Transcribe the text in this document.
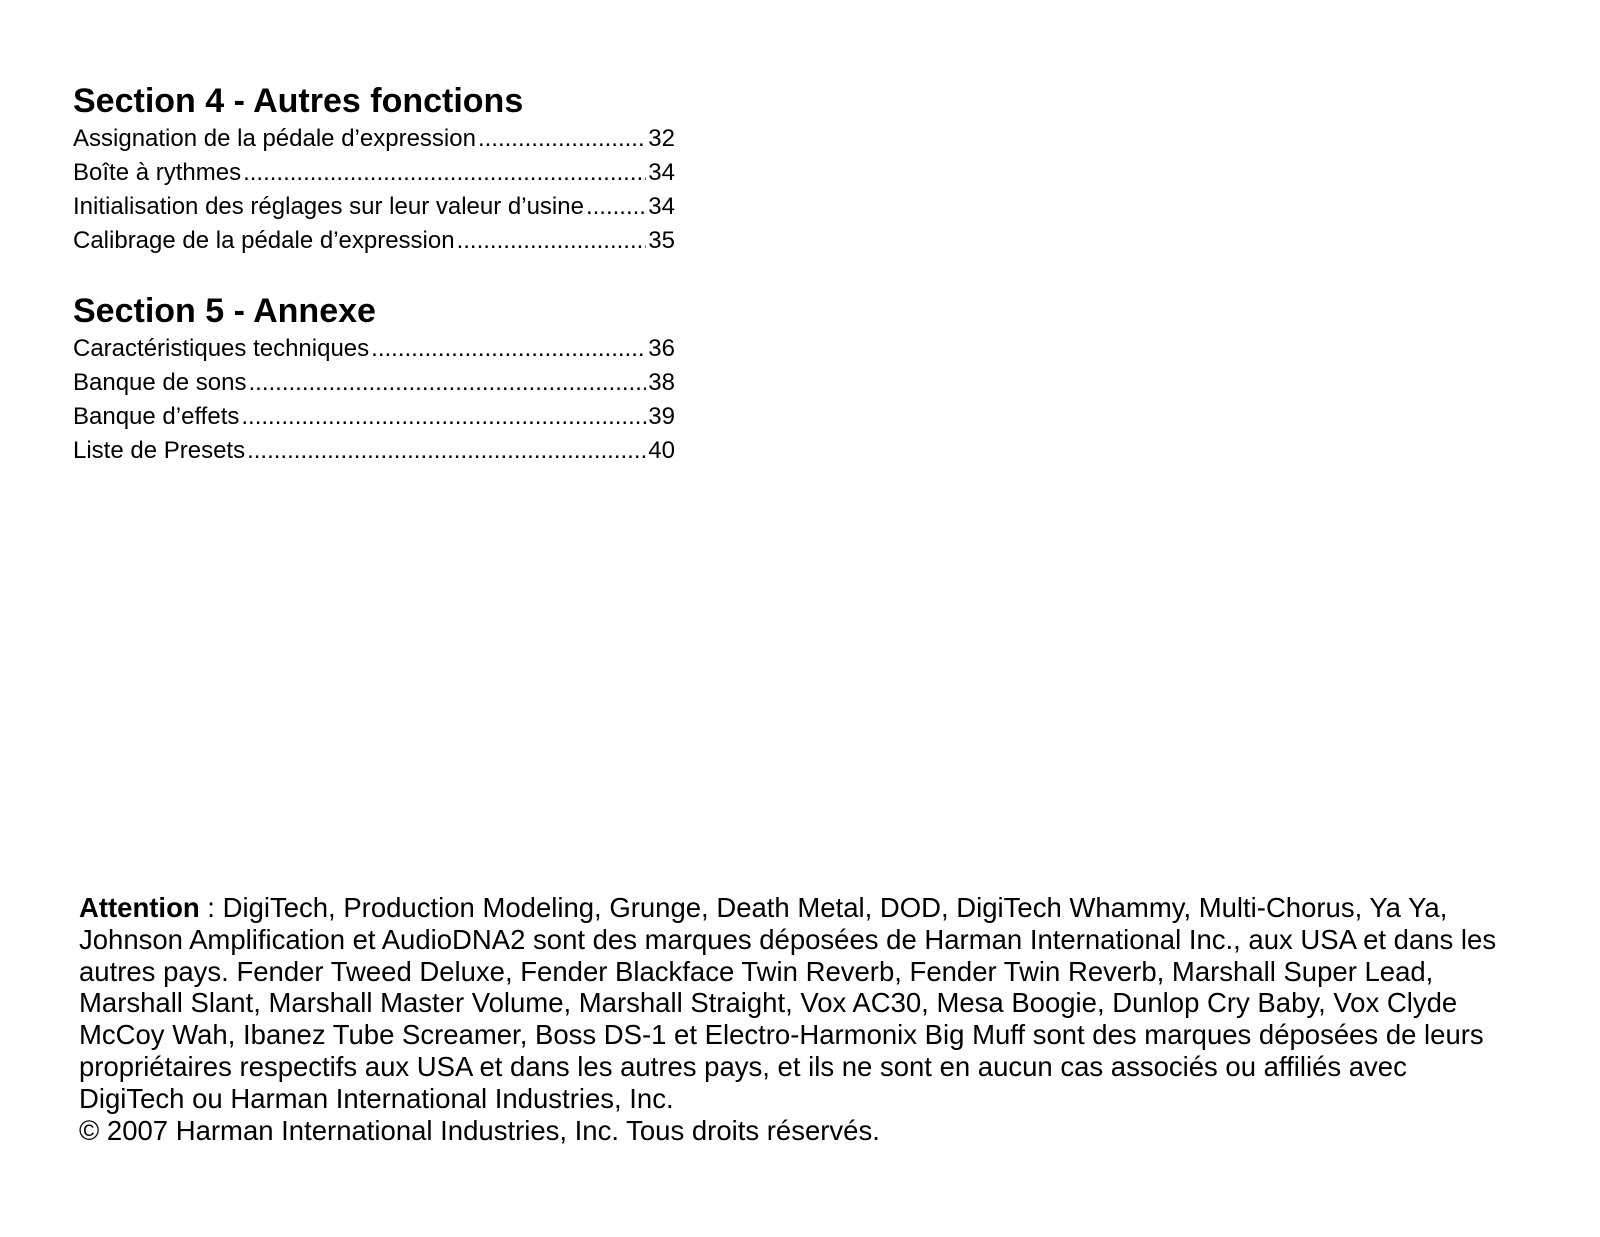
Section 4 - Autres fonctions
Assignation de la pédale d’expression .....	32
Boîte à rythmes .....	34
Initialisation des réglages sur leur valeur d’usine .....	34
Calibrage de la pédale d’expression .....	35
Section 5 - Annexe
Caractéristiques techniques .....	36
Banque de sons .....	38
Banque d’effets .....	39
Liste de Presets .....	40

Attention : DigiTech, Production Modeling, Grunge, Death Metal, DOD, DigiTech Whammy, Multi-Chorus, Ya Ya, Johnson Amplification et AudioDNA2 sont des marques déposées de Harman International Inc., aux USA et dans les autres pays. Fender Tweed Deluxe, Fender Blackface Twin Reverb, Fender Twin Reverb, Marshall Super Lead, Marshall Slant, Marshall Master Volume, Marshall Straight, Vox AC30, Mesa Boogie, Dunlop Cry Baby, Vox Clyde McCoy Wah, Ibanez Tube Screamer, Boss DS-1 et Electro-Harmonix Big Muff sont des marques déposées de leurs propriétaires respectifs aux USA et dans les autres pays, et ils ne sont en aucun cas associés ou affiliés avec DigiTech ou Harman International Industries, Inc.

© 2007 Harman International Industries, Inc. Tous droits réservés.
